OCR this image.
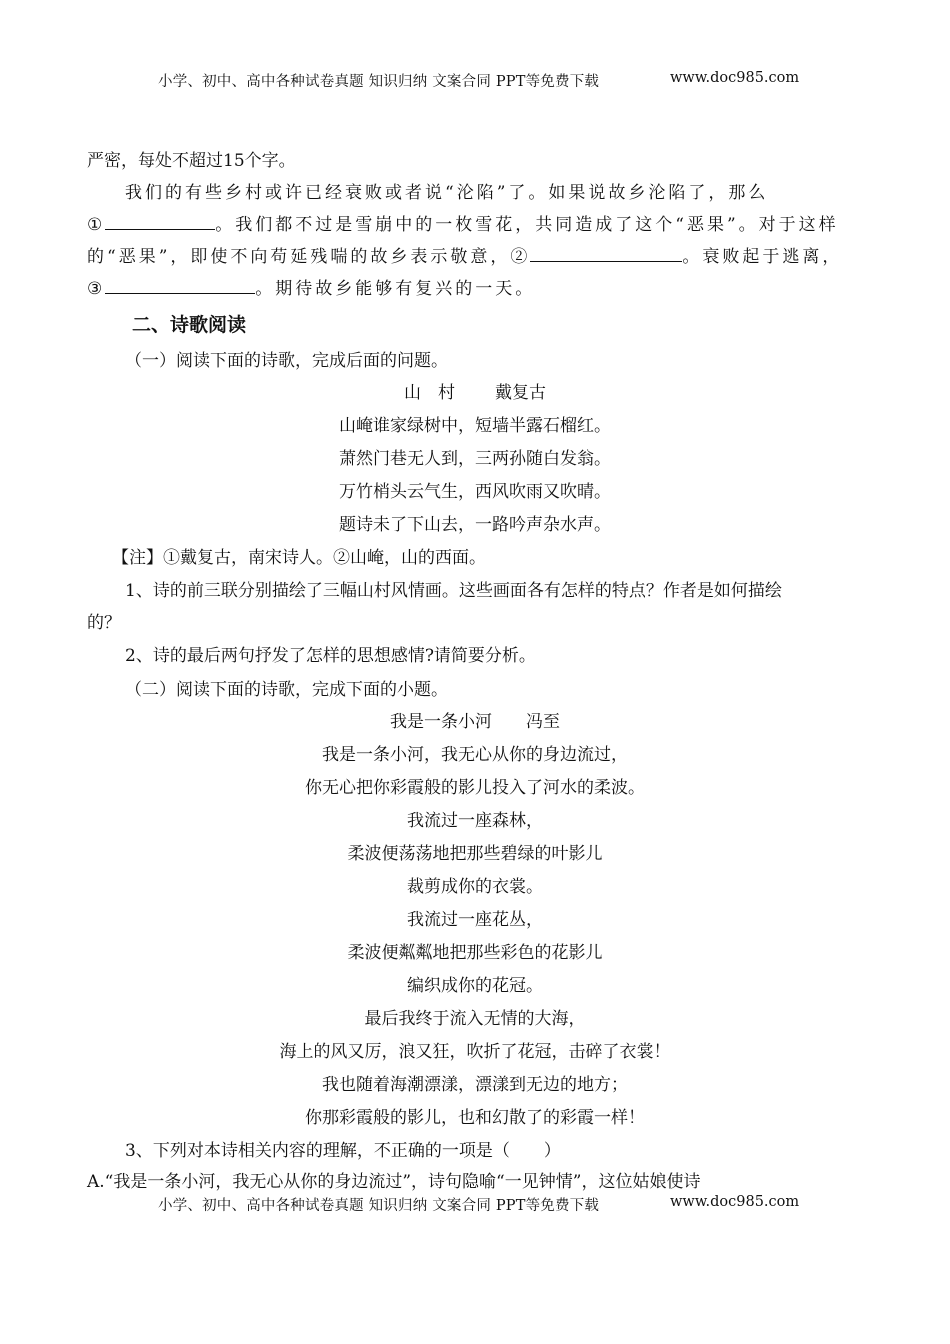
小学、初中、高中各种试卷真题 知识归纳 文案合同 PPT等免费下载	www.doc985.com
严密，每处不超过15个字。
我们的有些乡村或许已经衰败或者说“沦陷”了。如果说故乡沦陷了，那么
①	。我们都不过是雪崩中的一枚雪花，共同造成了这个“恶果”。对于这样
的“恶果”，即使不向苟延残喘的故乡表示敬意，②	。衰败起于逃离，
③	。期待故乡能够有复兴的一天。
二、诗歌阅读
（一）阅读下面的诗歌，完成后面的问题。
山　村 戴复古
山崦谁家绿树中，短墙半露石榴红。
萧然门巷无人到，三两孙随白发翁。
万竹梢头云气生，西风吹雨又吹晴。
题诗未了下山去，一路吟声杂水声。
【注】①戴复古，南宋诗人。②山崦，山的西面。
1、诗的前三联分别描绘了三幅山村风情画。这些画面各有怎样的特点？作者是如何描绘
的？
2、诗的最后两句抒发了怎样的思想感情?请简要分析。
（二）阅读下面的诗歌，完成下面的小题。
我是一条小河 冯至
我是一条小河，我无心从你的身边流过，
你无心把你彩霞般的影儿投入了河水的柔波。
我流过一座森林，
柔波便荡荡地把那些碧绿的叶影儿
裁剪成你的衣裳。
我流过一座花丛，
柔波便粼粼地把那些彩色的花影儿
编织成你的花冠。
最后我终于流入无情的大海，
海上的风又厉，浪又狂，吹折了花冠，击碎了衣裳！
我也随着海潮漂漾，漂漾到无边的地方；
你那彩霞般的影儿，也和幻散了的彩霞一样！
3、下列对本诗相关内容的理解，不正确的一项是（　　）
A.“我是一条小河，我无心从你的身边流过”，诗句隐喻“一见钟情”，这位姑娘使诗
小学、初中、高中各种试卷真题 知识归纳 文案合同 PPT等免费下载	www.doc985.com
